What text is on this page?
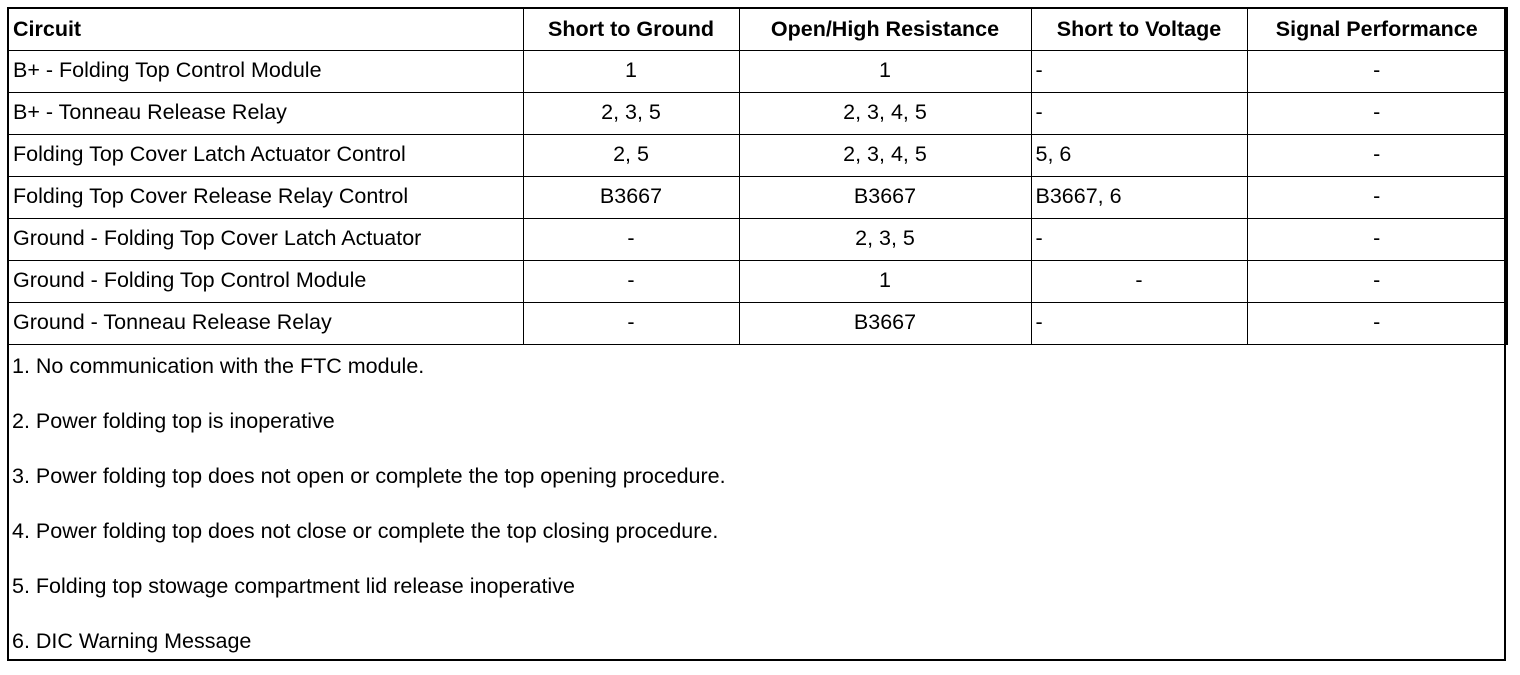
Circuit	Short to Ground	Open/High Resistance	Short to Voltage	Signal Performance
B+ - Folding Top Control Module	1	1	-	-
B+ - Tonneau Release Relay	2, 3, 5	2, 3, 4, 5	-	-
Folding Top Cover Latch Actuator Control	2, 5	2, 3, 4, 5	5, 6	-
Folding Top Cover Release Relay Control	B3667	B3667	B3667, 6	-
Ground - Folding Top Cover Latch Actuator	-	2, 3, 5	-	-
Ground - Folding Top Control Module	-	1	-	-
Ground - Tonneau Release Relay	-	B3667	-	-
1. No communication with the FTC module.
2. Power folding top is inoperative
3. Power folding top does not open or complete the top opening procedure.
4. Power folding top does not close or complete the top closing procedure.
5. Folding top stowage compartment lid release inoperative
6. DIC Warning Message
